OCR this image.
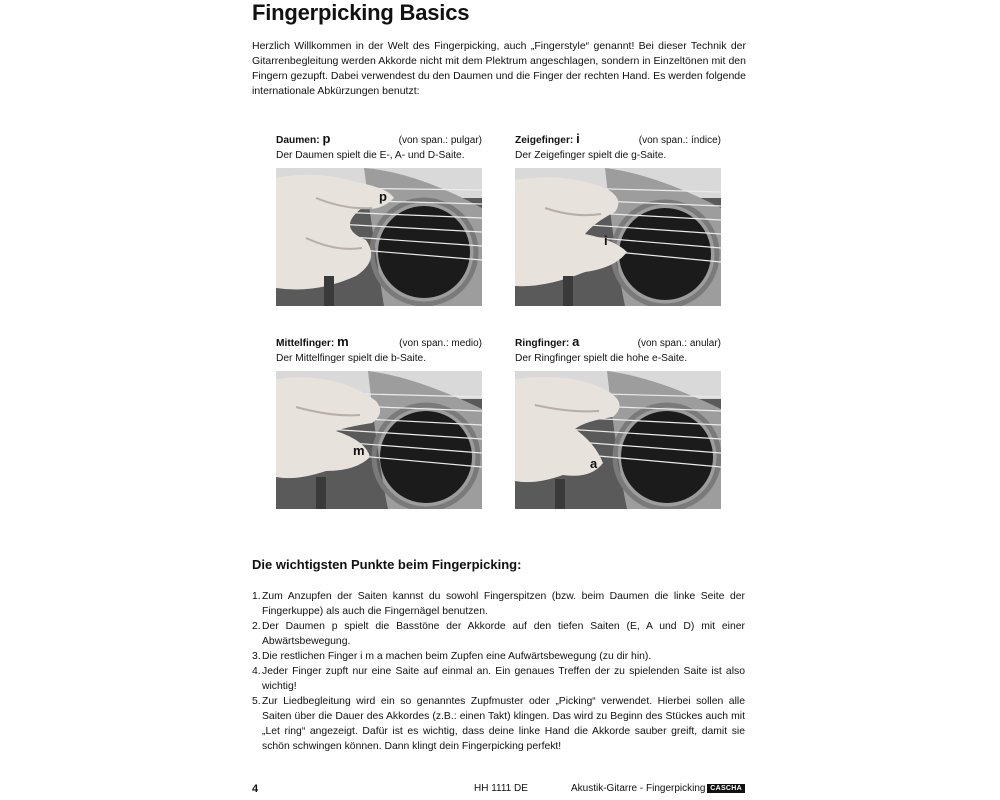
Fingerpicking Basics

Herzlich Willkommen in der Welt des Fingerpicking, auch „Fingerstyle“ genannt! Bei dieser Technik der Gitarrenbegleitung werden Akkorde nicht mit dem Plektrum angeschlagen, sondern in Einzeltönen mit den Fingern gezupft. Dabei verwendest du den Daumen und die Finger der rechten Hand. Es werden folgende internationale Abkürzungen benutzt:

Daumen: p	(von span.: pulgar)
Der Daumen spielt die E-, A- und D-Saite.
p
Zeigefinger: i	(von span.: índice)
Der Zeigefinger spielt die g-Saite.
i
Mittelfinger: m	(von span.: medio)
Der Mittelfinger spielt die b-Saite.
m
Ringfinger: a	(von span.: anular)
Der Ringfinger spielt die hohe e-Saite.
a
Die wichtigsten Punkte beim Fingerpicking:
1. Zum Anzupfen der Saiten kannst du sowohl Fingerspitzen (bzw. beim Daumen die linke Seite der Fingerkuppe) als auch die Fingernägel benutzen.
2. Der Daumen p spielt die Basstöne der Akkorde auf den tiefen Saiten (E, A und D) mit einer Abwärtsbewegung.
3. Die restlichen Finger i m a machen beim Zupfen eine Aufwärtsbewegung (zu dir hin).
4. Jeder Finger zupft nur eine Saite auf einmal an. Ein genaues Treffen der zu spielenden Saite ist also wichtig!
5. Zur Liedbegleitung wird ein so genanntes Zupfmuster oder „Picking“ verwendet. Hierbei sollen alle Saiten über die Dauer des Akkordes (z.B.: einen Takt) klingen. Das wird zu Beginn des Stückes auch mit „Let ring“ angezeigt. Dafür ist es wichtig, dass deine linke Hand die Akkorde sauber greift, damit sie schön schwingen können. Dann klingt dein Fingerpicking perfekt!
4	HH 1111 DE	Akustik-Gitarre - Fingerpicking CASCHA
